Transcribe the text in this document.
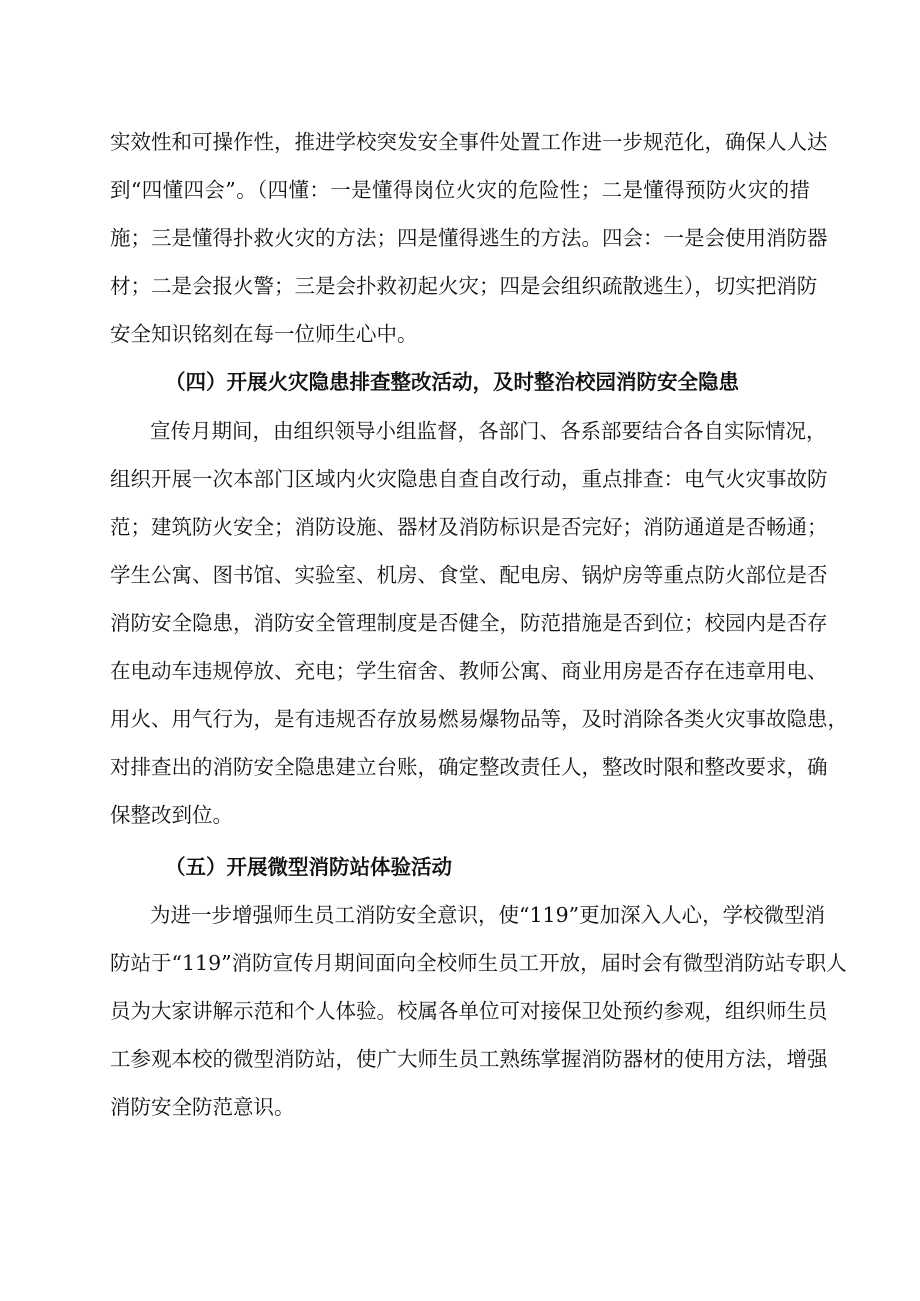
实效性和可操作性，推进学校突发安全事件处置工作进一步规范化，确保人人达
到“四懂四会”。（四懂：一是懂得岗位火灾的危险性；二是懂得预防火灾的措
施；三是懂得扑救火灾的方法；四是懂得逃生的方法。四会：一是会使用消防器
材；二是会报火警；三是会扑救初起火灾；四是会组织疏散逃生），切实把消防
安全知识铭刻在每一位师生心中。
（四）开展火灾隐患排查整改活动，及时整治校园消防安全隐患
宣传月期间，由组织领导小组监督，各部门、各系部要结合各自实际情况，
组织开展一次本部门区域内火灾隐患自查自改行动，重点排查：电气火灾事故防
范；建筑防火安全；消防设施、器材及消防标识是否完好；消防通道是否畅通；
学生公寓、图书馆、实验室、机房、食堂、配电房、锅炉房等重点防火部位是否
消防安全隐患，消防安全管理制度是否健全，防范措施是否到位；校园内是否存
在电动车违规停放、充电；学生宿舍、教师公寓、商业用房是否存在违章用电、
用火、用气行为，是有违规否存放易燃易爆物品等，及时消除各类火灾事故隐患，
对排查出的消防安全隐患建立台账，确定整改责任人，整改时限和整改要求，确
保整改到位。
（五）开展微型消防站体验活动
为进一步增强师生员工消防安全意识，使“119”更加深入人心，学校微型消
防站于“119”消防宣传月期间面向全校师生员工开放，届时会有微型消防站专职人
员为大家讲解示范和个人体验。校属各单位可对接保卫处预约参观，组织师生员
工参观本校的微型消防站，使广大师生员工熟练掌握消防器材的使用方法，增强
消防安全防范意识。
